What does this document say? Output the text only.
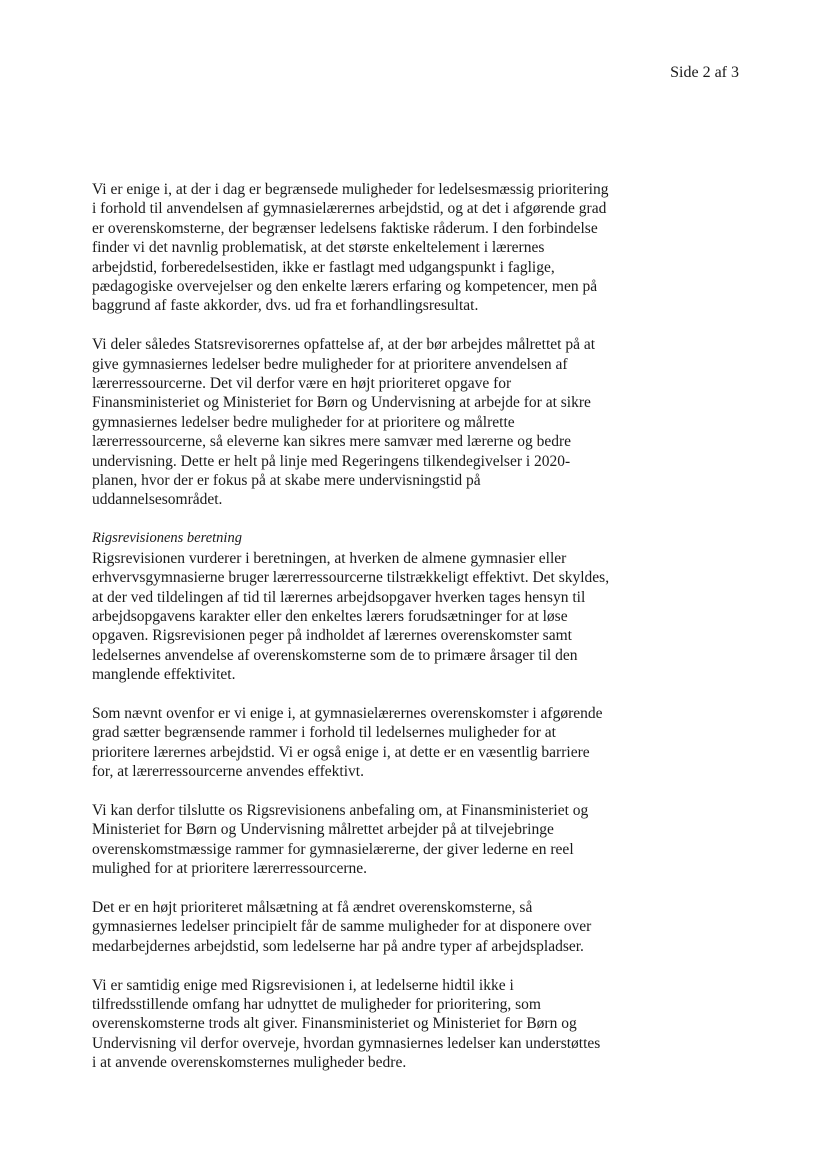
Side 2 af 3

Vi er enige i, at der i dag er begrænsede muligheder for ledelsesmæssig prioritering
i forhold til anvendelsen af gymnasielærernes arbejdstid, og at det i afgørende grad
er overenskomsterne, der begrænser ledelsens faktiske råderum. I den forbindelse
finder vi det navnlig problematisk, at det største enkeltelement i lærernes
arbejdstid, forberedelsestiden, ikke er fastlagt med udgangspunkt i faglige,
pædagogiske overvejelser og den enkelte lærers erfaring og kompetencer, men på
baggrund af faste akkorder, dvs. ud fra et forhandlingsresultat.
Vi deler således Statsrevisorernes opfattelse af, at der bør arbejdes målrettet på at
give gymnasiernes ledelser bedre muligheder for at prioritere anvendelsen af
lærerressourcerne. Det vil derfor være en højt prioriteret opgave for
Finansministeriet og Ministeriet for Børn og Undervisning at arbejde for at sikre
gymnasiernes ledelser bedre muligheder for at prioritere og målrette
lærerressourcerne, så eleverne kan sikres mere samvær med lærerne og bedre
undervisning. Dette er helt på linje med Regeringens tilkendegivelser i 2020-
planen, hvor der er fokus på at skabe mere undervisningstid på
uddannelsesområdet.
Rigsrevisionens beretning
Rigsrevisionen vurderer i beretningen, at hverken de almene gymnasier eller
erhvervsgymnasierne bruger lærerressourcerne tilstrækkeligt effektivt. Det skyldes,
at der ved tildelingen af tid til lærernes arbejdsopgaver hverken tages hensyn til
arbejdsopgavens karakter eller den enkeltes lærers forudsætninger for at løse
opgaven. Rigsrevisionen peger på indholdet af lærernes overenskomster samt
ledelsernes anvendelse af overenskomsterne som de to primære årsager til den
manglende effektivitet.
Som nævnt ovenfor er vi enige i, at gymnasielærernes overenskomster i afgørende
grad sætter begrænsende rammer i forhold til ledelsernes muligheder for at
prioritere lærernes arbejdstid. Vi er også enige i, at dette er en væsentlig barriere
for, at lærerressourcerne anvendes effektivt.
Vi kan derfor tilslutte os Rigsrevisionens anbefaling om, at Finansministeriet og
Ministeriet for Børn og Undervisning målrettet arbejder på at tilvejebringe
overenskomstmæssige rammer for gymnasielærerne, der giver lederne en reel
mulighed for at prioritere lærerressourcerne.
Det er en højt prioriteret målsætning at få ændret overenskomsterne, så
gymnasiernes ledelser principielt får de samme muligheder for at disponere over
medarbejdernes arbejdstid, som ledelserne har på andre typer af arbejdspladser.
Vi er samtidig enige med Rigsrevisionen i, at ledelserne hidtil ikke i
tilfredsstillende omfang har udnyttet de muligheder for prioritering, som
overenskomsterne trods alt giver. Finansministeriet og Ministeriet for Børn og
Undervisning vil derfor overveje, hvordan gymnasiernes ledelser kan understøttes
i at anvende overenskomsternes muligheder bedre.
